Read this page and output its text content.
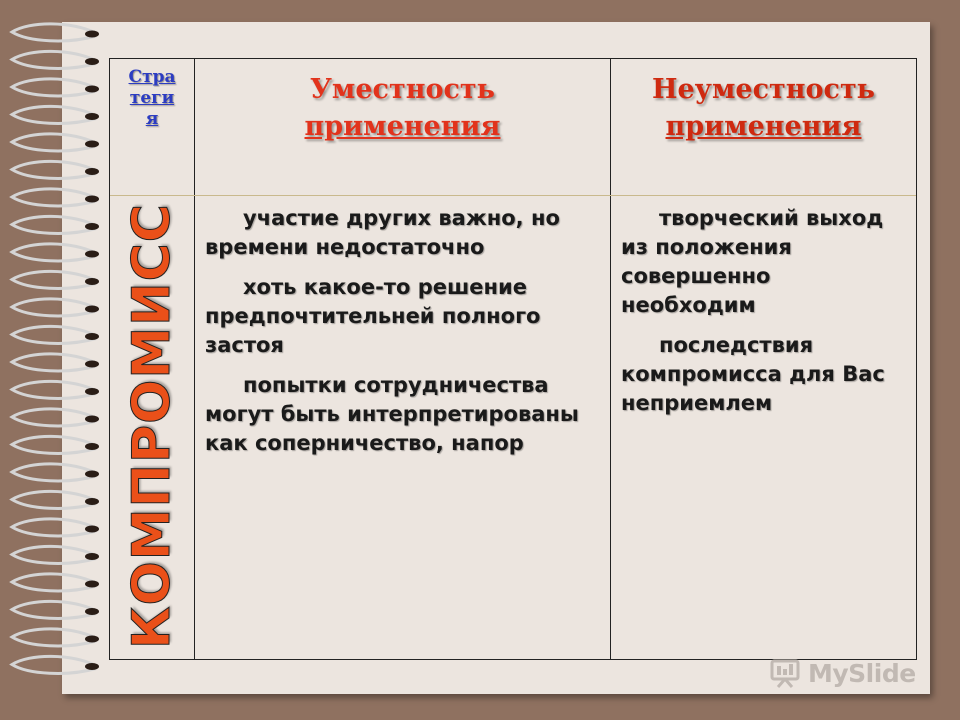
Стра
теги
я
Уместность
применения
Неуместность
применения
КОМПРОМИСС	участие других важно, но времени недостаточно
хоть какое-то решение предпочтительней полного застоя
попытки сотрудничества могут быть интерпретированы как соперничество, напор
творческий выход из положения совершенно необходим
последствия компромисса для Вас неприемлем
MySlide
